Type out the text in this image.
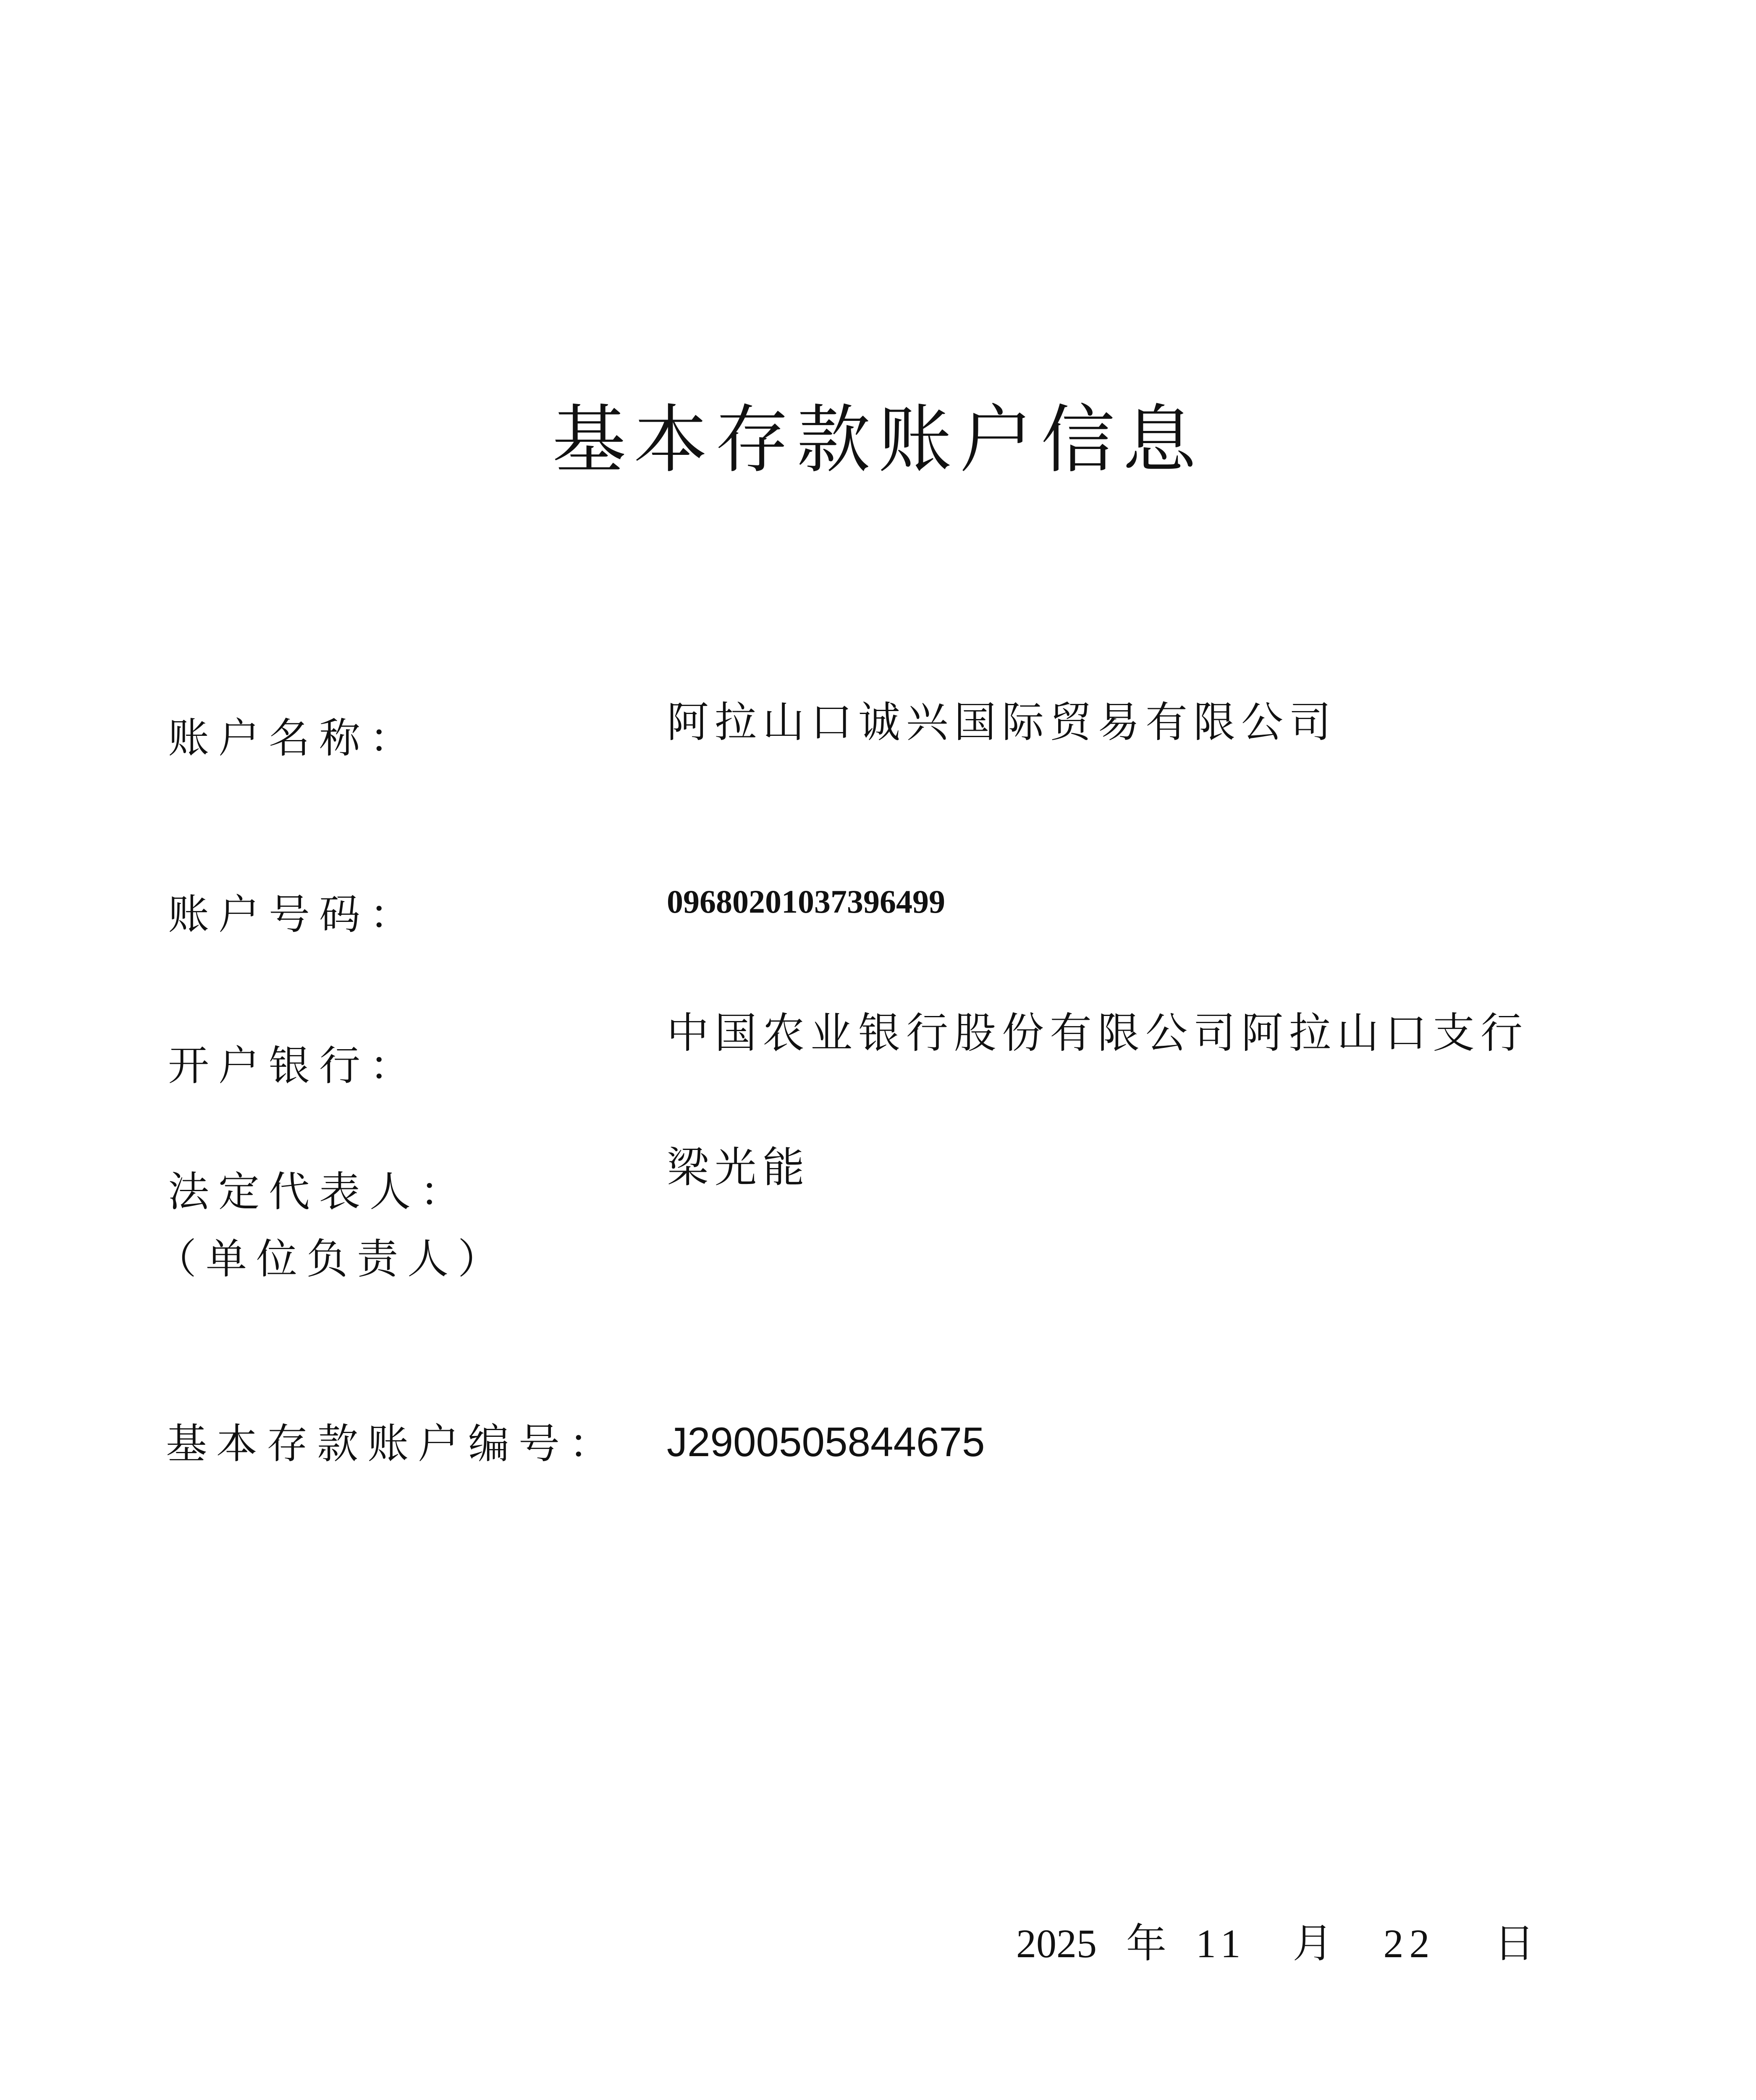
基本存款账户信息
账户名称：	阿拉山口诚兴国际贸易有限公司
账户号码：	09680201037396499
开户银行：
中国农业银行股份有限公司阿拉山口支行
法定代表人：
（单位负责人）
梁光能
基本存款账户编号： J2900505844675
2025 年 11 月 22 日
